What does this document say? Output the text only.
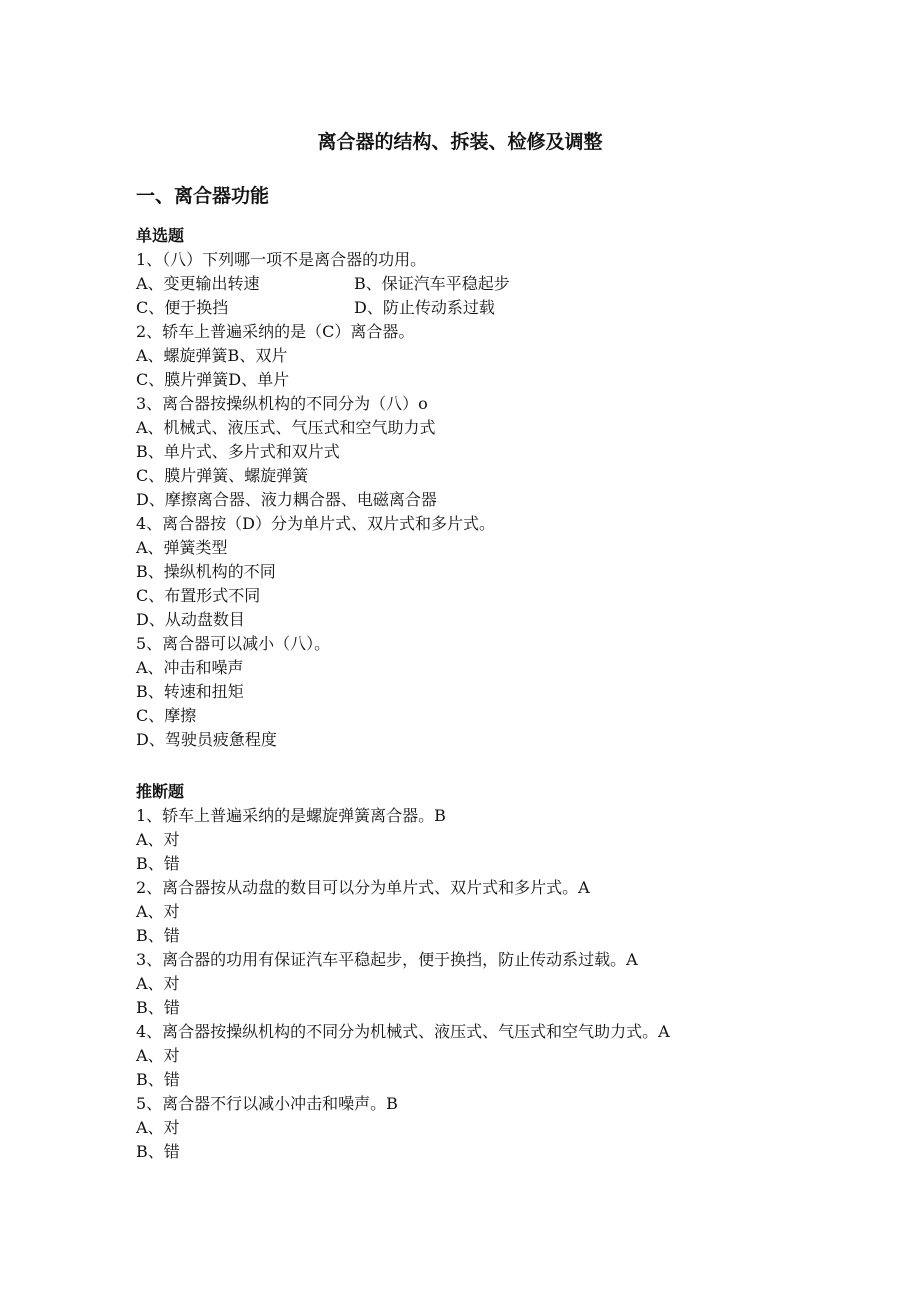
离合器的结构、拆装、检修及调整
一、离合器功能
单选题
1、（八）下列哪一项不是离合器的功用。
A、变更输出转速	B、保证汽车平稳起步
C、便于换挡	D、防止传动系过载
2、轿车上普遍采纳的是（C）离合器。
A、螺旋弹簧B、双片
C、膜片弹簧D、单片
3、离合器按操纵机构的不同分为（八）o
A、机械式、液压式、气压式和空气助力式
B、单片式、多片式和双片式
C、膜片弹簧、螺旋弹簧
D、摩擦离合器、液力耦合器、电磁离合器
4、离合器按（D）分为单片式、双片式和多片式。
A、弹簧类型
B、操纵机构的不同
C、布置形式不同
D、从动盘数目
5、离合器可以减小（八）。
A、冲击和噪声
B、转速和扭矩
C、摩擦
D、驾驶员疲惫程度
推断题
1、轿车上普遍采纳的是螺旋弹簧离合器。B
A、对
B、错
2、离合器按从动盘的数目可以分为单片式、双片式和多片式。A
A、对
B、错
3、离合器的功用有保证汽车平稳起步，便于换挡，防止传动系过载。A
A、对
B、错
4、离合器按操纵机构的不同分为机械式、液压式、气压式和空气助力式。A
A、对
B、错
5、离合器不行以减小冲击和噪声。B
A、对
B、错
